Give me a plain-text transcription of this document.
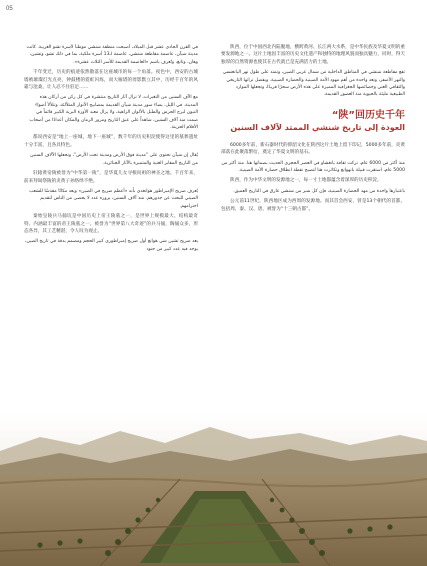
05

في القرن الحادي عشر قبل الميلاد، أصبحت منطقة شنشي موطناً لأسرة تشو الغربية. كانت مدينة شيآن، عاصمة مقاطعة شنشي، عاصمة لـ13 أسرة ملكية، بما في ذلك تشو، وتشين، وهان، وتانغ، وتُعرف باسم «العاصمة القديمة للأسر الثلاث عشرة».

千年变迁，历史的痕迹依然散落在这座城市的每一个角落。夜色中，西安的古城墙被璀璨灯光点亮，钟鼓楼的霓虹闪烁，而大雁塔的剪影默立其中，历经千百年的风霜与沧桑，让人忍不住驻足……

مع الآف السنين من التغيرات، لا تزال آثار التاريخ منتشرة في كل ركن من أركان هذه المدينة. في الليل، يضاء سور مدينة شيآن القديمة بمصابيح الأنوار المتلألئة، وتتلألأ أضواء النيون لبرج الجرس والطبل بالألوان الزاهية، ولا يزال معبد الأوزة البرية الكبير قائماً في صمت منذ آلاف السنين، شاهداً على عبق التاريخ ومرور الزمان والمكان أعدادًا من أصحاب الأقلام الحزينة.

都说西安是“地上一座城，地下一座城”，数千年的历史积淀使得这里的墓葬遗址十分丰富，且各具特色。

يُقال إن شيآن تحتوي على "مدينة فوق الأرض ومدينة تحت الأرض"، وتجعلها الآلاف السنين من التاريخ المقابر الغنية والمتميزة بالآثار الجنائزية.

轩辕黄帝陵被誉为“中华第一陵”，是华夏儿女寻根问祖的神圣之地。千百年来，前来拜谒祭陵的炎黄子孙络绎不绝。

يُعرف ضريح الإمبراطور هوانغدي بأنه «أعظم ضريح في الصين» ويعد مكانًا مقدسًا للشعب الصيني للبحث عن جذورهم. منذ آلاف السنين، يزوره عدد لا يحصى من الناس لتقديم احترامهم.

秦始皇陵兵马俑坑是中国历史上帝王陵墓之一，是世界上规模最大、结构最奇特、内涵最丰富的帝王陵墓之一。被誉为“世界第八大奇迹”的兵马俑，陶俑众多，形态各异，其工艺精湛，令人叹为观止。

يعد ضريح تشين شي هوانغ أول ضريح إمبراطوري كبير الحجم ومصمم بدقة في تاريخ الصين، يوجد فيه عدد كبير من جنود

陕西，位于中国西北内陆腹地，横跨黄河、长江两大水系，是中华民族及华夏文明的重要发源地之一。这片土地因丰富的历史文化遗产和独特的地理风貌而独具魅力，同时，得天独厚的自然资源也使其在古代就已是充满活力的土地。

تقع مقاطعة شنشي في المناطق الداخلية من شمال غربي الصين، وتمتد على طول نهر اليانغتسي والنهر الأصفر، وتعد واحدة من أهم مهود الأمة الصينية والحضارة الصينية. وبفضل تراثها التاريخي والثقافي الغني وخصائصها الجغرافية المميزة على هذه الأرض سحرًا فريدًا، وتجعلها الموارد الطبيعية مليئة بالحيوية منذ العصور القديمة.

“陕”回历史千年
العودة إلى تاريخ شنشي الممتد لآلاف السنين

6000多年前，新石器时代的仰韶文化在陕西这片土地上留下印记，5000多年前，炎黄部落在此聚落繁衍，奠定了华夏文明的基石。

منذ أكثر من 6000 عام، تركت ثقافة يانغشاو في العصر الحجري الحديث بصماتها هنا. منذ أكثر من 5000 عام، استقرت قبيلة يانهوانغ وتكاثرت هنا لتصبح نقطة انطلاق حضارة الأمة الصينية.

陕西，作为中华文明的发源地之一，每一寸土地都蕴含着深厚的历史积淀。

باعتبارها واحدة من مهد الحضارة الصينية، فإن كل شبر من شنشي غارق في التاريخ العميق.

公元前11世纪，陕西地区成为西周的发源地。而其首会西安，曾是13个朝代的首都，包括周、秦、汉、唐，被誉为“十三朝古都”。
